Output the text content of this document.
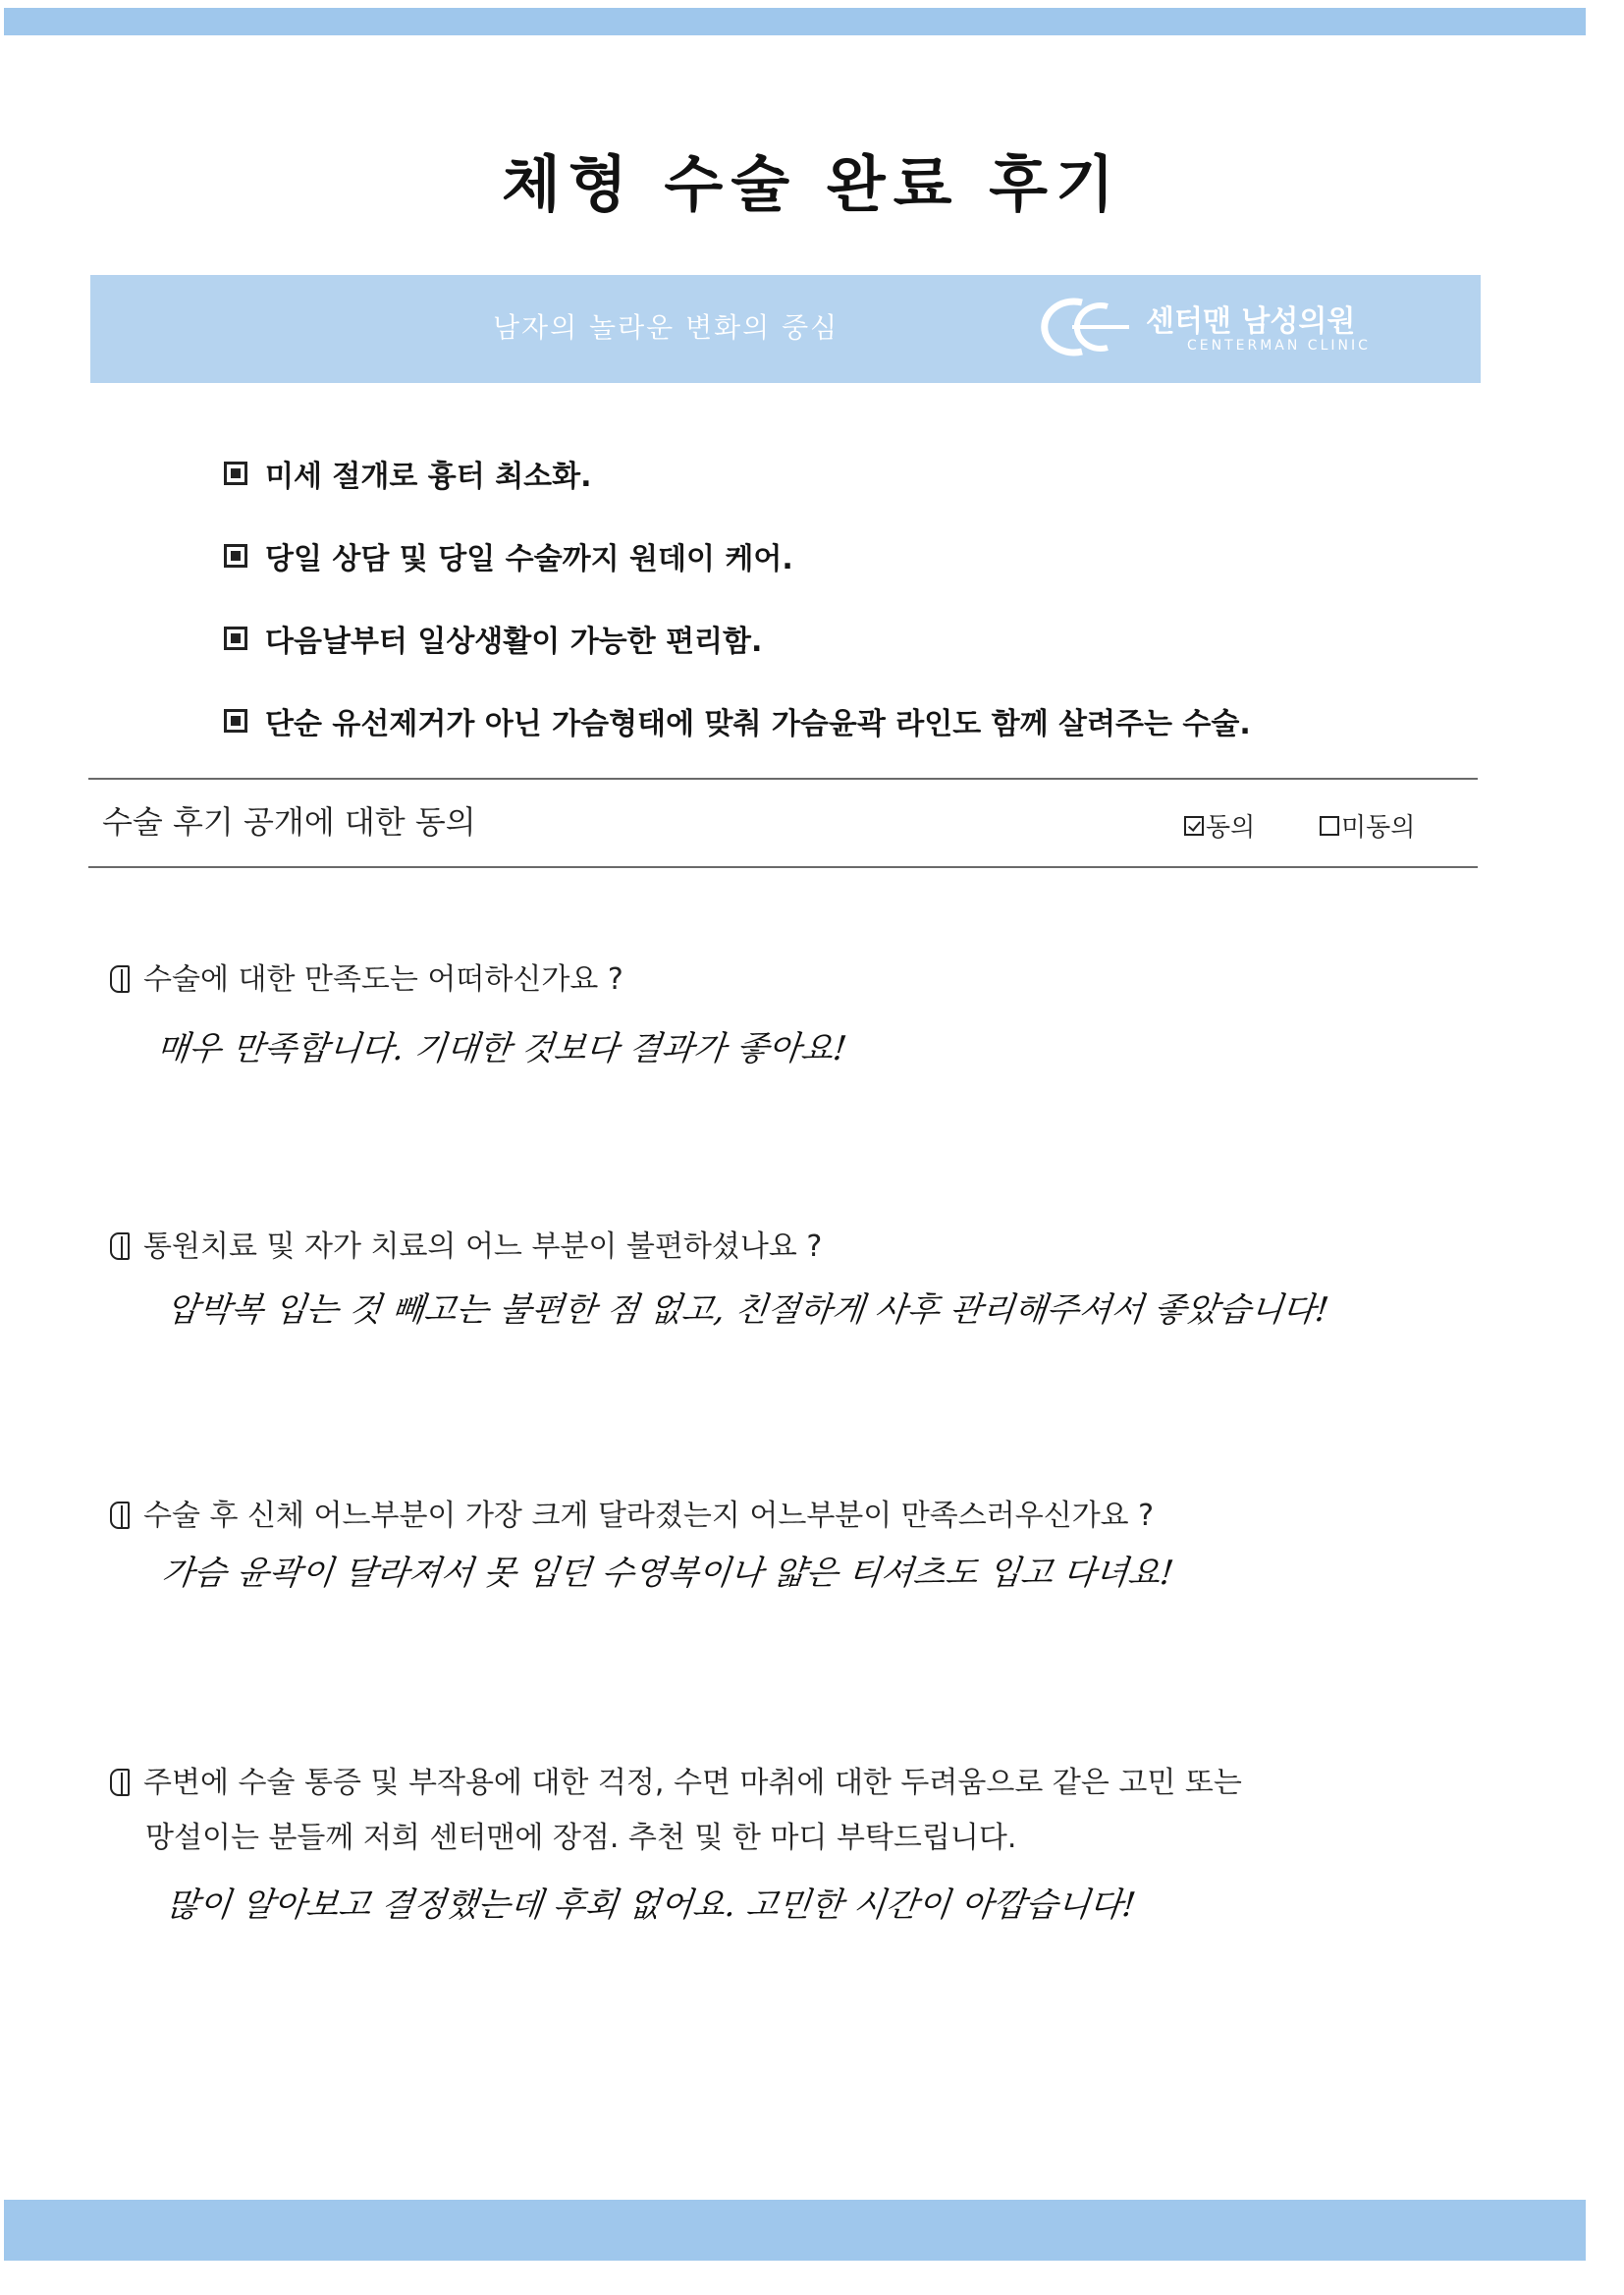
체형 수술 완료 후기
남자의 놀라운 변화의 중심	센터맨 남성의원
CENTERMAN CLINIC
미세 절개로 흉터 최소화.
당일 상담 및 당일 수술까지 원데이 케어.
다음날부터 일상생활이 가능한 편리함.
단순 유선제거가 아닌 가슴형태에 맞춰 가슴윤곽 라인도 함께 살려주는 수술.
수술 후기 공개에 대한 동의	동의	미동의
수술에 대한 만족도는 어떠하신가요 ?
매우 만족합니다. 기대한 것보다 결과가 좋아요!
통원치료 및 자가 치료의 어느 부분이 불편하셨나요 ?
압박복 입는 것 빼고는 불편한 점 없고, 친절하게 사후 관리해주셔서 좋았습니다!
수술 후 신체 어느부분이 가장 크게 달라졌는지 어느부분이 만족스러우신가요 ?
가슴 윤곽이 달라져서 못 입던 수영복이나 얇은 티셔츠도 입고 다녀요!
주변에 수술 통증 및 부작용에 대한 걱정, 수면 마취에 대한 두려움으로 같은 고민 또는
망설이는 분들께 저희 센터맨에 장점. 추천 및 한 마디 부탁드립니다.
많이 알아보고 결정했는데 후회 없어요. 고민한 시간이 아깝습니다!
